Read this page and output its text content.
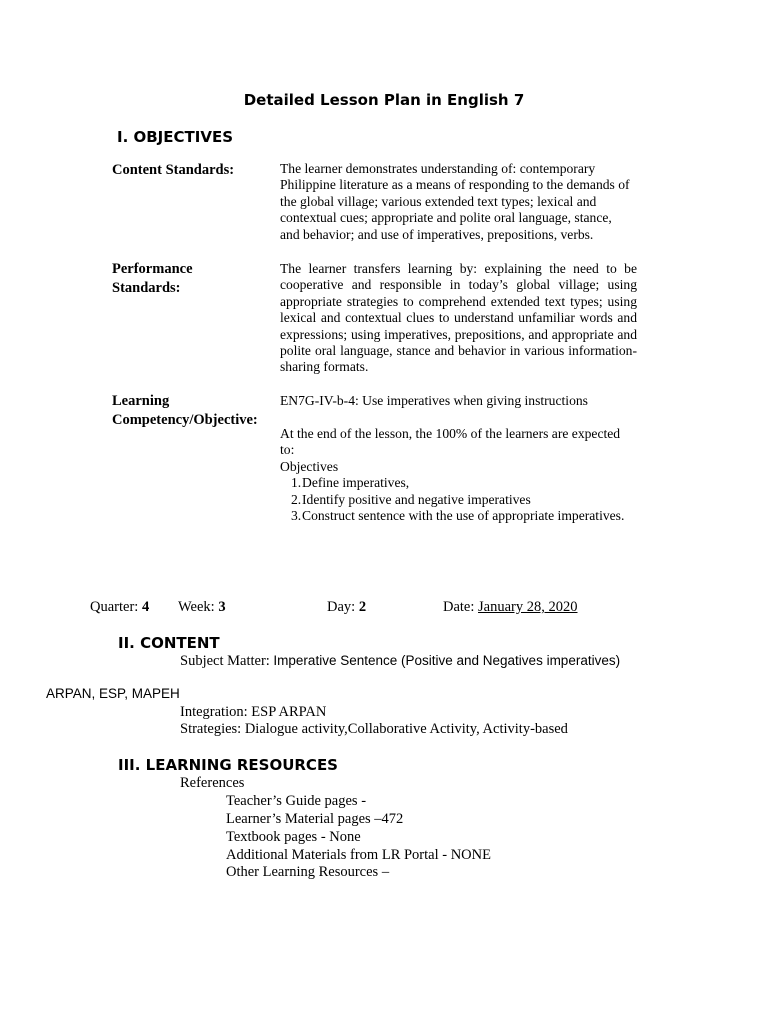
Detailed Lesson Plan in English 7
I. OBJECTIVES
Content Standards:	The learner demonstrates understanding of: contemporary
Philippine literature as a means of responding to the demands of
the global village; various extended text types; lexical and
contextual cues; appropriate and polite oral language, stance,
and behavior; and use of imperatives, prepositions, verbs.
Performance
Standards:
The learner transfers learning by: explaining the need to be cooperative and responsible in today’s global village; using appropriate strategies to comprehend extended text types; using lexical and contextual clues to understand unfamiliar words and expressions; using imperatives, prepositions, and appropriate and polite oral language, stance and behavior in various information-sharing formats.
Learning
Competency/Objective:
EN7G-IV-b-4: Use imperatives when giving instructions
At the end of the lesson, the 100% of the learners are expected
to:
Objectives
1. Define imperatives,
2. Identify positive and negative imperatives
3. Construct sentence with the use of appropriate imperatives.
Quarter: 4 Week: 3	Day: 2	Date: January 28, 2020
II. CONTENT
Subject Matter: Imperative Sentence (Positive and Negatives imperatives)
ARPAN, ESP, MAPEH
Integration: ESP ARPAN
Strategies: Dialogue activity,Collaborative Activity, Activity-based
III. LEARNING RESOURCES
References
Teacher’s Guide pages -
Learner’s Material pages –472
Textbook pages - None
Additional Materials from LR Portal - NONE
Other Learning Resources –
